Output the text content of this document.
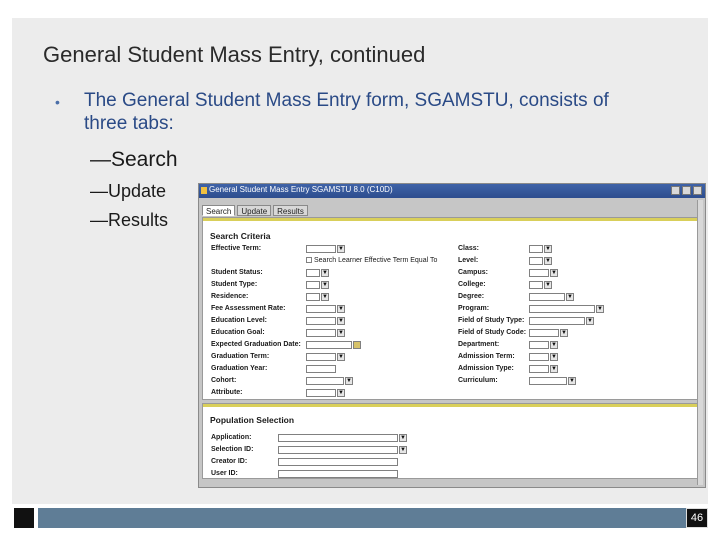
General Student Mass Entry, continued
• The General Student Mass Entry form, SGAMSTU, consists of three tabs:
—Search
—Update
—Results
General Student Mass Entry SGAMSTU 8.0 (C10D)
Search	Update	Results
Search Criteria
Effective Term:	▼
Search Learner Effective Term Equal To
Student Status:	▼
Student Type:	▼
Residence:	▼
Fee Assessment Rate:	▼
Education Level:	▼
Education Goal:	▼
Expected Graduation Date:
Graduation Term:	▼
Graduation Year:
Cohort:	▼
Attribute:	▼
Class:	▼
Level:	▼
Campus:	▼
College:	▼
Degree:	▼
Program:	▼
Field of Study Type:	▼
Field of Study Code:	▼
Department:	▼
Admission Term:	▼
Admission Type:	▼
Curriculum:	▼
Population Selection
Application:	▼
Selection ID:	▼
Creator ID:
User ID:
46
